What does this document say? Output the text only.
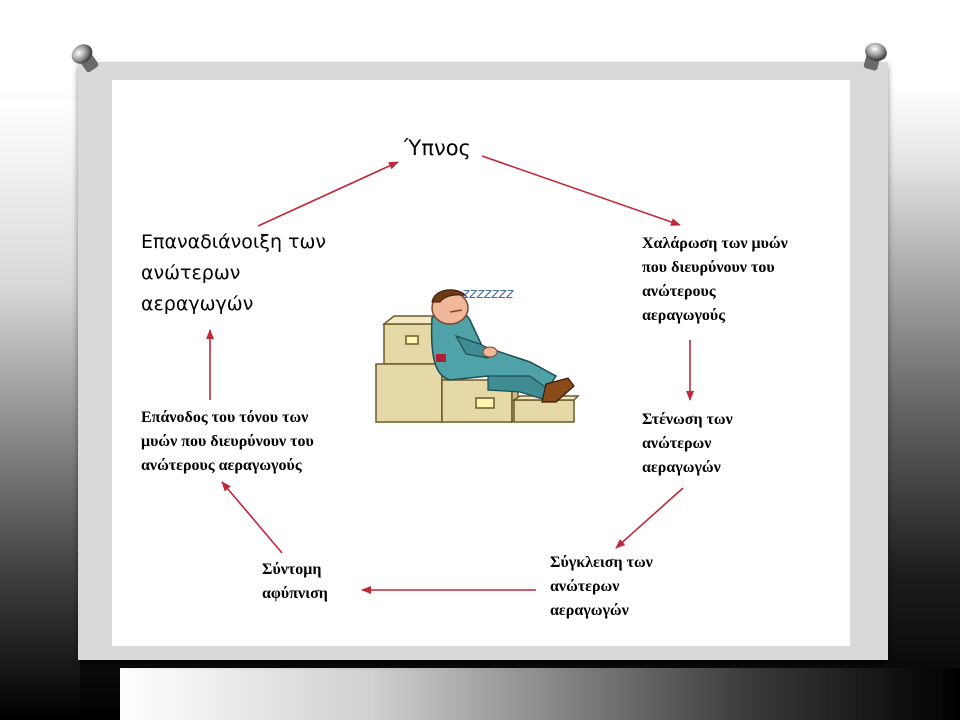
Ύπνος
Χαλάρωση των μυών
που διευρύνουν του
ανώτερους
αεραγωγούς
Στένωση των
ανώτερων
αεραγωγών
Σύγκλειση των
ανώτερων
αεραγωγών
Σύντομη
αφύπνιση
Επάνοδος του τόνου των
μυών που διευρύνουν του
ανώτερους αεραγωγούς
Επαναδιάνοιξη των
ανώτερων
αεραγωγών	zzzzzzz
